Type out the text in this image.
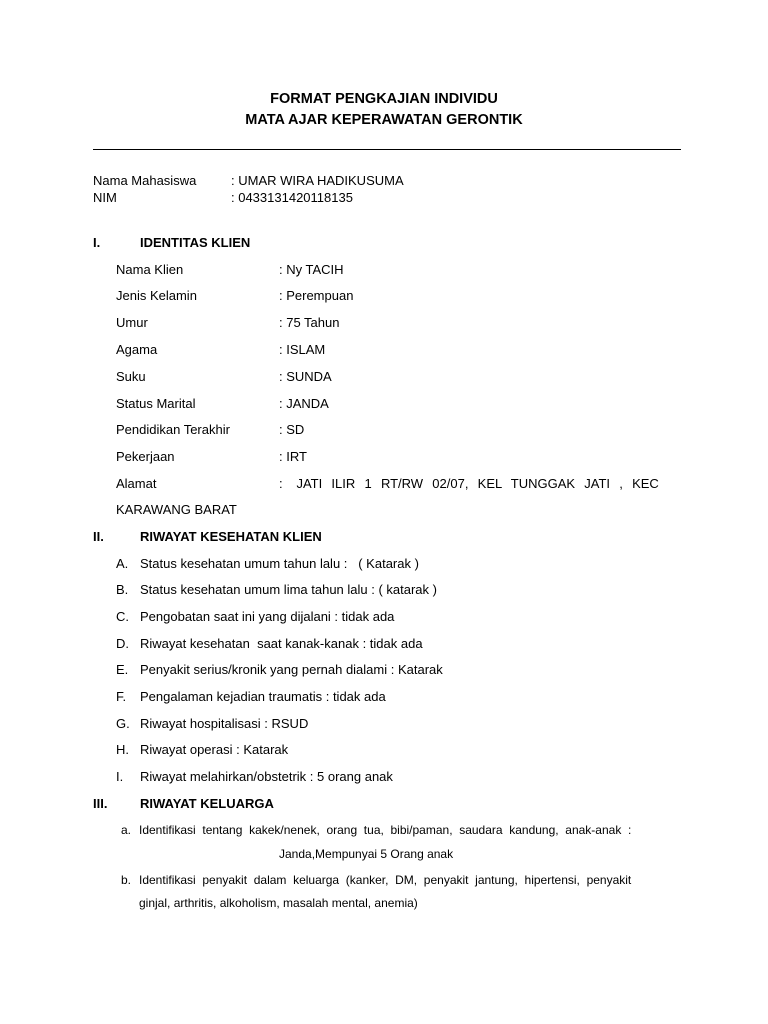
FORMAT PENGKAJIAN INDIVIDU
MATA AJAR KEPERAWATAN GERONTIK
Nama Mahasiswa	: UMAR WIRA HADIKUSUMA
NIM	: 0433131420118135
I.	IDENTITAS KLIEN
Nama Klien	: Ny TACIH
Jenis Kelamin	: Perempuan
Umur	: 75 Tahun
Agama	: ISLAM
Suku	: SUNDA
Status Marital	: JANDA
Pendidikan Terakhir	: SD
Pekerjaan	: IRT
Alamat	:   JATI  ILIR  1  RT/RW  02/07,  KEL  TUNGGAK  JATI  ,  KEC
KARAWANG BARAT
II.	RIWAYAT KESEHATAN KLIEN
A. Status kesehatan umum tahun lalu :   ( Katarak )
B. Status kesehatan umum lima tahun lalu : ( katarak )
C. Pengobatan saat ini yang dijalani : tidak ada
D. Riwayat kesehatan  saat kanak-kanak : tidak ada
E. Penyakit serius/kronik yang pernah dialami : Katarak
F. Pengalaman kejadian traumatis : tidak ada
G. Riwayat hospitalisasi : RSUD
H. Riwayat operasi : Katarak
I. Riwayat melahirkan/obstetrik : 5 orang anak
III.	RIWAYAT KELUARGA
a. Identifikasi  tentang  kakek/nenek,  orang  tua,  bibi/paman,  saudara  kandung,  anak-anak  :
Janda,Mempunyai 5 Orang anak
b. Identifikasi  penyakit  dalam  keluarga  (kanker,  DM,  penyakit  jantung,  hipertensi,  penyakit
ginjal, arthritis, alkoholism, masalah mental, anemia)
